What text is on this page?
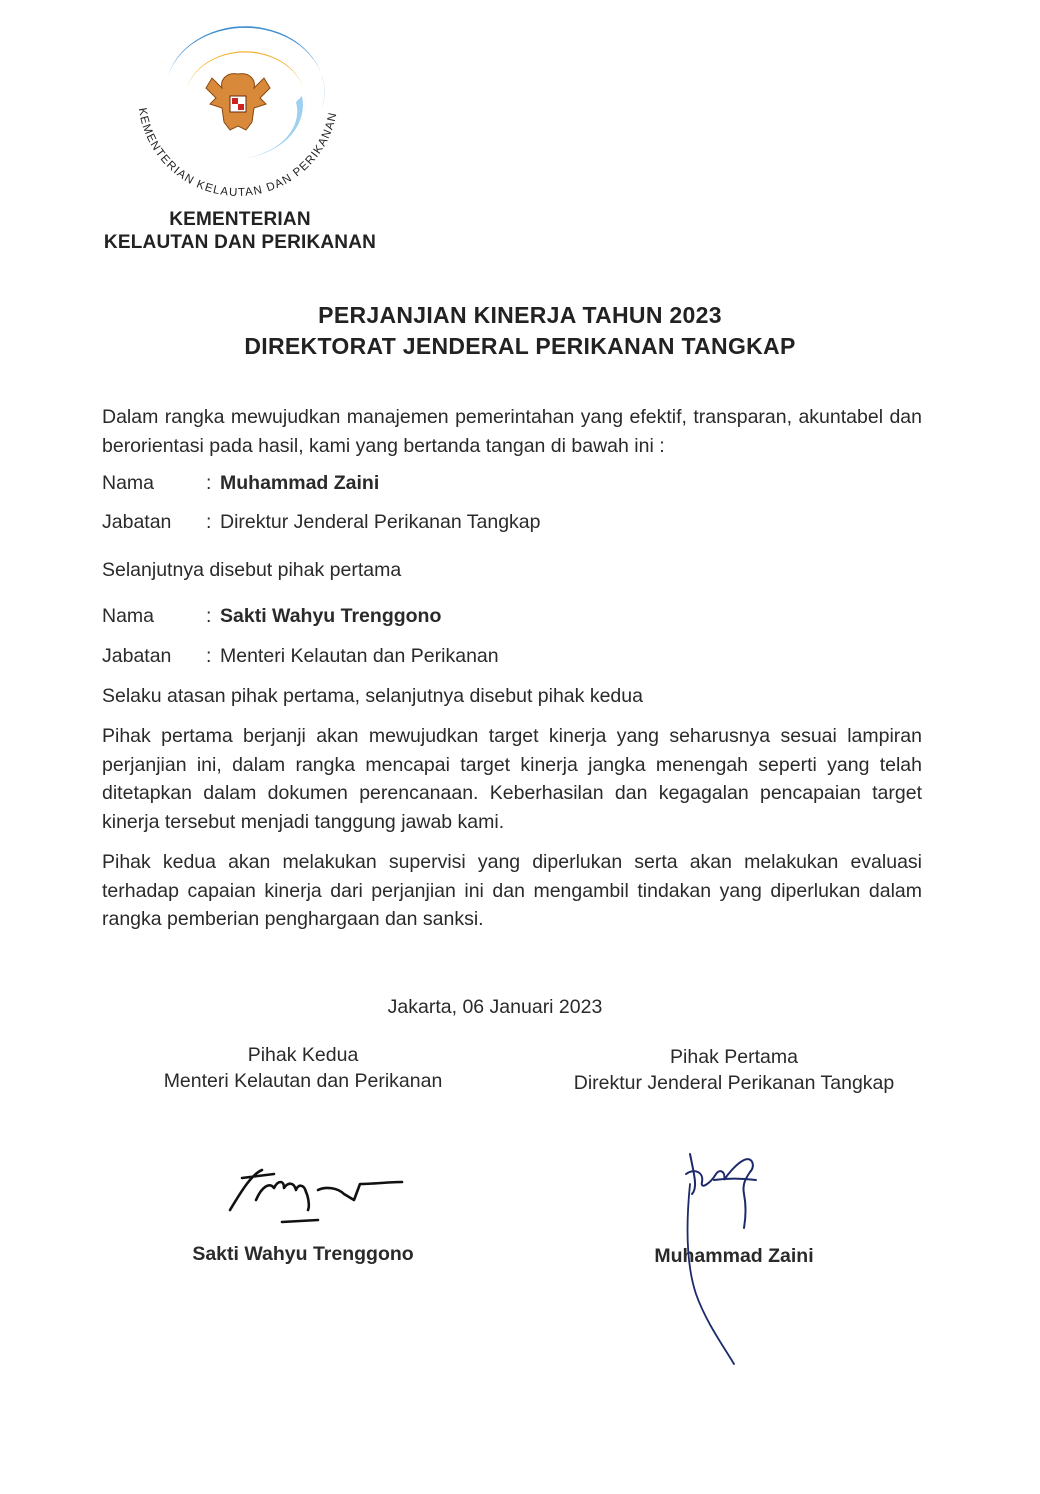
KEMENTERIAN KELAUTAN DAN PERIKANAN
KEMENTERIAN
KELAUTAN DAN PERIKANAN
PERJANJIAN KINERJA TAHUN 2023
DIREKTORAT JENDERAL PERIKANAN TANGKAP
Dalam rangka mewujudkan manajemen pemerintahan yang efektif, transparan, akuntabel dan berorientasi pada hasil, kami yang bertanda tangan di bawah ini :
Nama	: Muhammad Zaini
Jabatan : Direktur Jenderal Perikanan Tangkap
Selanjutnya disebut pihak pertama
Nama	: Sakti Wahyu Trenggono
Jabatan : Menteri Kelautan dan Perikanan
Selaku atasan pihak pertama, selanjutnya disebut pihak kedua
Pihak pertama berjanji akan mewujudkan target kinerja yang seharusnya sesuai lampiran perjanjian ini, dalam rangka mencapai target kinerja jangka menengah seperti yang telah ditetapkan dalam dokumen perencanaan. Keberhasilan dan kegagalan pencapaian target kinerja tersebut menjadi tanggung jawab kami.
Pihak kedua akan melakukan supervisi yang diperlukan serta akan melakukan evaluasi terhadap capaian kinerja dari perjanjian ini dan mengambil tindakan yang diperlukan dalam rangka pemberian penghargaan dan sanksi.
Jakarta, 06 Januari 2023
Pihak Kedua
Menteri Kelautan dan Perikanan
Sakti Wahyu Trenggono
Pihak Pertama
Direktur Jenderal Perikanan Tangkap
Muhammad Zaini
